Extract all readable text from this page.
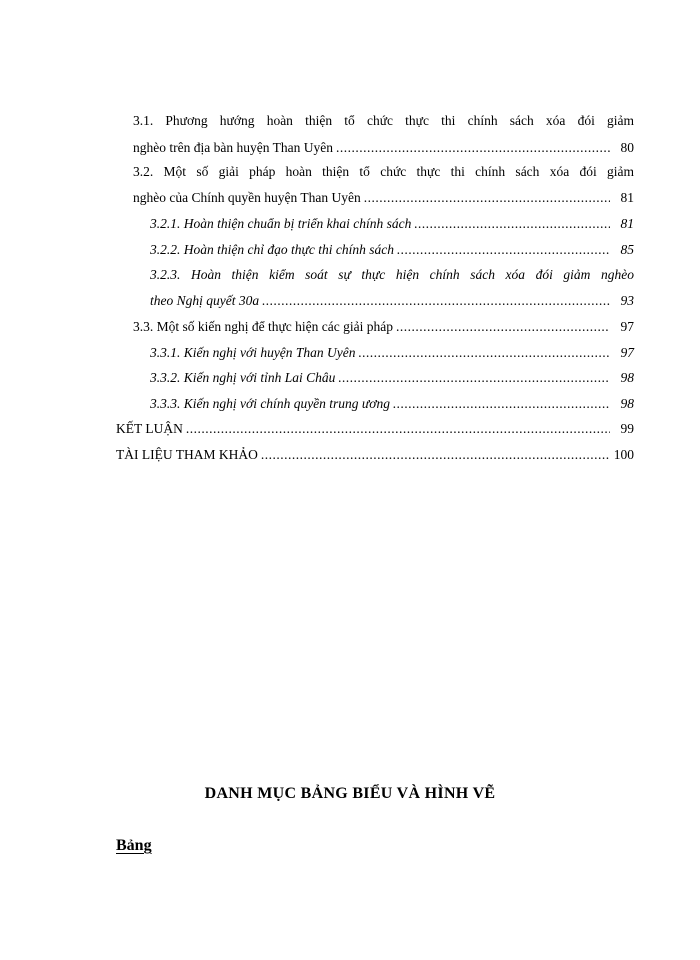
3.1. Phương hướng hoàn thiện tổ chức thực thi chính sách xóa đói giảm
nghèo trên địa bàn huyện Than Uyên .....	80
3.2. Một số giải pháp hoàn thiện tổ chức thực thi chính sách xóa đói giảm
nghèo của Chính quyền huyện Than Uyên .....	81
3.2.1. Hoàn thiện chuẩn bị triển khai chính sách .....	81
3.2.2. Hoàn thiện chỉ đạo thực thi chính sách .....	85
3.2.3. Hoàn thiện kiểm soát sự thực hiện chính sách xóa đói giảm nghèo
theo Nghị quyết 30a .....	93
3.3. Một số kiến nghị để thực hiện các giải pháp .....	97
3.3.1. Kiến nghị với huyện Than Uyên .....	97
3.3.2. Kiến nghị với tỉnh Lai Châu .....	98
3.3.3. Kiến nghị với chính quyền trung ương .....	98
KẾT LUẬN .....	99
TÀI LIỆU THAM KHẢO .....	100
DANH MỤC BẢNG BIỂU VÀ HÌNH VẼ
Bảng
